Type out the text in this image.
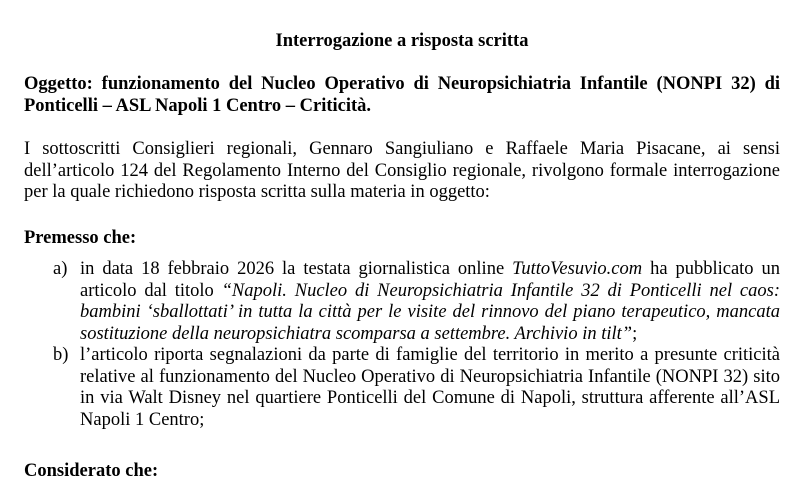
Interrogazione a risposta scritta
Oggetto: funzionamento del Nucleo Operativo di Neuropsichiatria Infantile (NONPI 32) di Ponticelli – ASL Napoli 1 Centro – Criticità.
I sottoscritti Consiglieri regionali, Gennaro Sangiuliano e Raffaele Maria Pisacane, ai sensi dell’articolo 124 del Regolamento Interno del Consiglio regionale, rivolgono formale interrogazione per la quale richiedono risposta scritta sulla materia in oggetto:
Premesso che:
a) in data 18 febbraio 2026 la testata giornalistica online TuttoVesuvio.com ha pubblicato un articolo dal titolo “Napoli. Nucleo di Neuropsichiatria Infantile 32 di Ponticelli nel caos: bambini ‘sballottati’ in tutta la città per le visite del rinnovo del piano terapeutico, mancata sostituzione della neuropsichiatra scomparsa a settembre. Archivio in tilt”;
b) l’articolo riporta segnalazioni da parte di famiglie del territorio in merito a presunte criticità relative al funzionamento del Nucleo Operativo di Neuropsichiatria Infantile (NONPI 32) sito in via Walt Disney nel quartiere Ponticelli del Comune di Napoli, struttura afferente all’ASL Napoli 1 Centro;
Considerato che:
